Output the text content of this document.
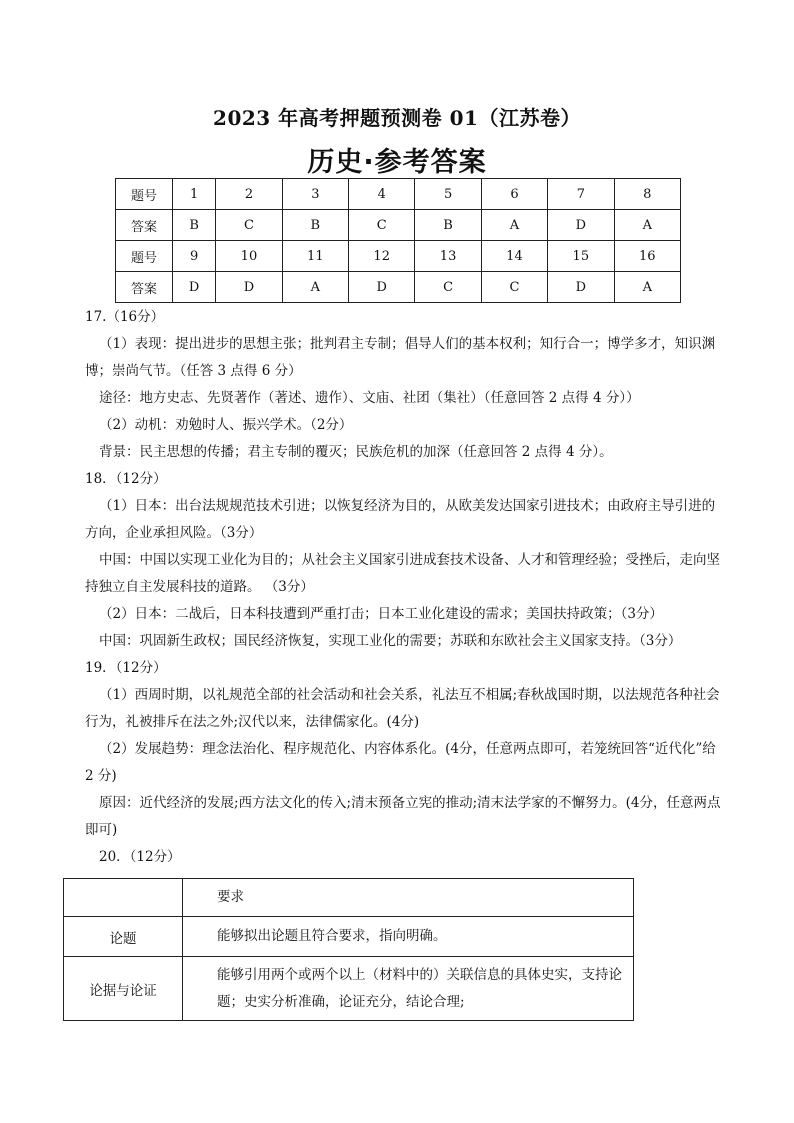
2023 年高考押题预测卷 01（江苏卷）
历史·参考答案
题号	1	2	3	4	5	6	7	8
答案	B	C	B	C	B	A	D	A
题号	9	10	11	12	13	14	15	16
答案	D	D	A	D	C	C	D	A

17.（16分）

（1）表现：提出进步的思想主张；批判君主专制；倡导人们的基本权利；知行合一；博学多才，知识渊博；崇尚气节。（任答 3 点得 6 分）

途径：地方史志、先贤著作（著述、遗作）、文庙、社团（集社）（任意回答 2 点得 4 分））

（2）动机：劝勉时人、振兴学术。（2分）

背景：民主思想的传播；君主专制的覆灭；民族危机的加深（任意回答 2 点得 4 分）。

18．（12分）

（1）日本：出台法规规范技术引进；以恢复经济为目的，从欧美发达国家引进技术；由政府主导引进的方向，企业承担风险。（3分）

中国：中国以实现工业化为目的；从社会主义国家引进成套技术设备、人才和管理经验；受挫后，走向坚持独立自主发展科技的道路。 （3分）

（2）日本：二战后，日本科技遭到严重打击；日本工业化建设的需求；美国扶持政策；（3分）

中国：巩固新生政权；国民经济恢复，实现工业化的需要；苏联和东欧社会主义国家支持。（3分）

19．（12分）

（1）西周时期，以礼规范全部的社会活动和社会关系，礼法互不相属;春秋战国时期，以法规范各种社会行为，礼被排斥在法之外;汉代以来，法律儒家化。(4分)

（2）发展趋势：理念法治化、程序规范化、内容体系化。(4分，任意两点即可，若笼统回答“近代化”给 2 分)

原因：近代经济的发展;西方法文化的传入;清末预备立宪的推动;清末法学家的不懈努力。(4分，任意两点即可)

20．（12分）

	要求
论题	能够拟出论题且符合要求，指向明确。
论据与论证	能够引用两个或两个以上（材料中的）关联信息的具体史实，支持论题；史实分析准确，论证充分，结论合理;
